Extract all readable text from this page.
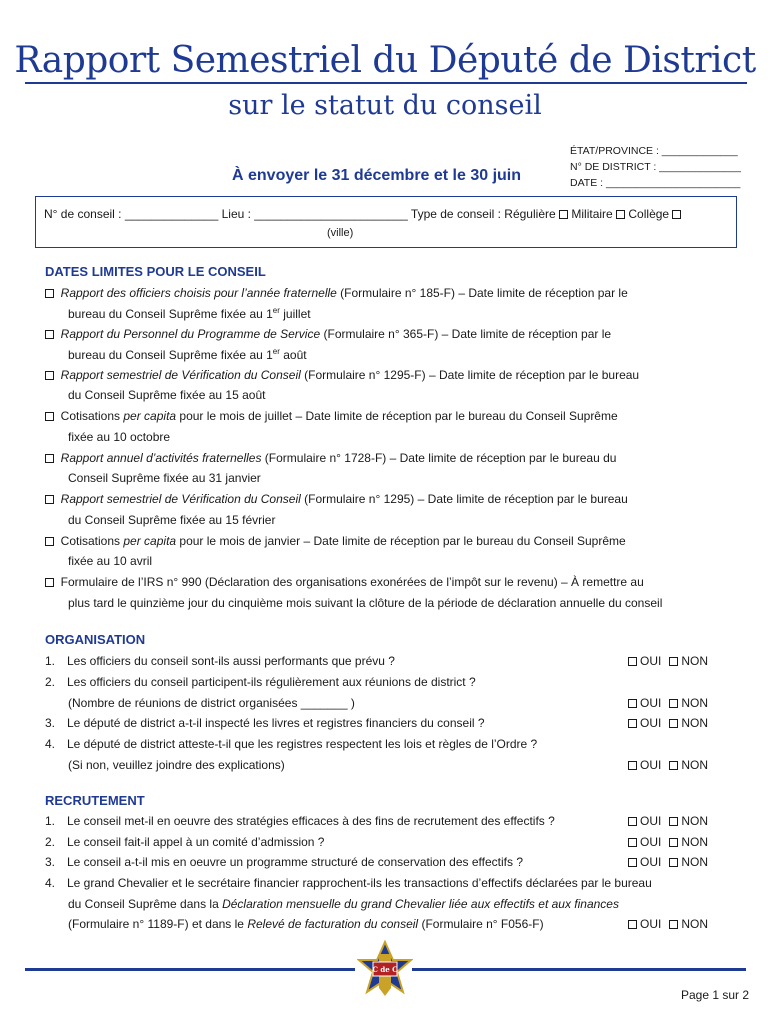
Rapport Semestriel du Député de District
sur le statut du conseil
ÉTAT/PROVINCE : _____________
N° DE DISTRICT : ______________
DATE : _______________________
À envoyer le 31 décembre et le 30 juin
N° de conseil : ______________ Lieu : _______________________ Type de conseil : Régulière Militaire Collège
(ville)
DATES LIMITES POUR LE CONSEIL
Rapport des officiers choisis pour l’année fraternelle (Formulaire n° 185-F) – Date limite de réception par le
bureau du Conseil Suprême fixée au 1er juillet
Rapport du Personnel du Programme de Service (Formulaire n° 365-F) – Date limite de réception par le
bureau du Conseil Suprême fixée au 1er août
Rapport semestriel de Vérification du Conseil (Formulaire n° 1295-F) – Date limite de réception par le bureau
du Conseil Suprême fixée au 15 août
Cotisations per capita pour le mois de juillet – Date limite de réception par le bureau du Conseil Suprême
fixée au 10 octobre
Rapport annuel d’activités fraternelles (Formulaire n° 1728-F) – Date limite de réception par le bureau du
Conseil Suprême fixée au 31 janvier
Rapport semestriel de Vérification du Conseil (Formulaire n° 1295) – Date limite de réception par le bureau
du Conseil Suprême fixée au 15 février
Cotisations per capita pour le mois de janvier – Date limite de réception par le bureau du Conseil Suprême
fixée au 10 avril
Formulaire de l’IRS n° 990 (Déclaration des organisations exonérées de l’impôt sur le revenu) – À remettre au
plus tard le quinzième jour du cinquième mois suivant la clôture de la période de déclaration annuelle du conseil
ORGANISATION
1. Les officiers du conseil sont-ils aussi performants que prévu ?	OUI NON
2. Les officiers du conseil participent-ils régulièrement aux réunions de district ?
(Nombre de réunions de district organisées _______ )	OUI NON
3. Le député de district a-t-il inspecté les livres et registres financiers du conseil ?	OUI NON
4. Le député de district atteste-t-il que les registres respectent les lois et règles de l’Ordre ?
(Si non, veuillez joindre des explications)	OUI NON
RECRUTEMENT
1. Le conseil met-il en oeuvre des stratégies efficaces à des fins de recrutement des effectifs ?	OUI NON
2. Le conseil fait-il appel à un comité d’admission ?	OUI NON
3. Le conseil a-t-il mis en oeuvre un programme structuré de conservation des effectifs ?	OUI NON
4. Le grand Chevalier et le secrétaire financier rapprochent-ils les transactions d’effectifs déclarées par le bureau
du Conseil Suprême dans la Déclaration mensuelle du grand Chevalier liée aux effectifs et aux finances
(Formulaire n° 1189-F) et dans le Relevé de facturation du conseil (Formulaire n° F056-F)	OUI NON
C de C
Page 1 sur 2
